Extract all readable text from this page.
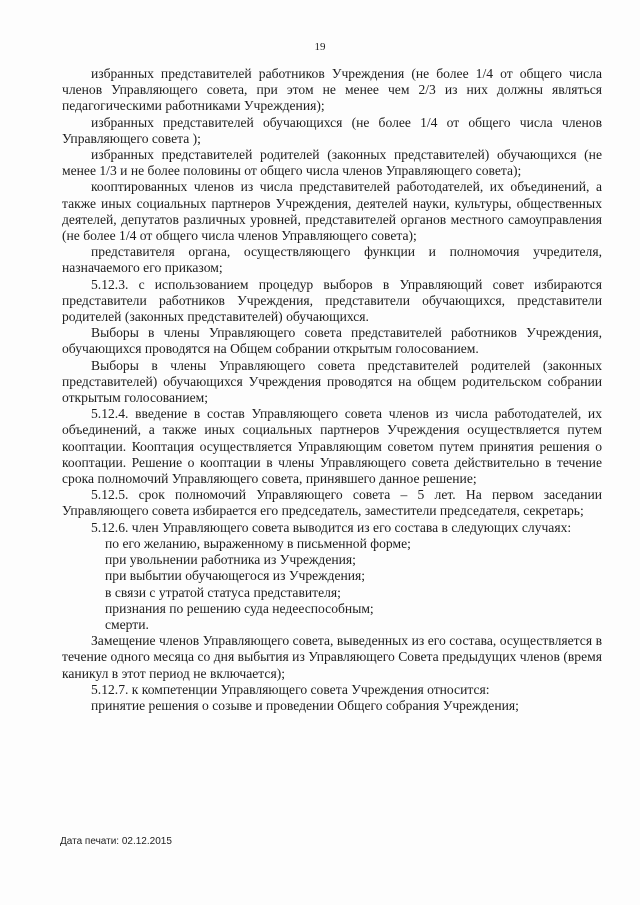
19

избранных представителей работников Учреждения (не более 1/4 от общего числа членов Управляющего совета, при этом не менее чем 2/3 из них должны являться педагогическими работниками Учреждения);

избранных представителей обучающихся (не более 1/4 от общего числа членов Управляющего совета );

избранных представителей родителей (законных представителей) обучающихся (не менее 1/3 и не более половины от общего числа членов Управляющего совета);

кооптированных членов из числа представителей работодателей, их объединений, а также иных социальных партнеров Учреждения, деятелей науки, культуры, общественных деятелей, депутатов различных уровней, представителей органов местного самоуправления (не более 1/4 от общего числа членов Управляющего совета);

представителя органа, осуществляющего функции и полномочия учредителя, назначаемого его приказом;

5.12.3. с использованием процедур выборов в Управляющий совет избираются представители работников Учреждения, представители обучающихся, представители родителей (законных представителей) обучающихся.

Выборы в члены Управляющего совета представителей работников Учреждения, обучающихся проводятся на Общем собрании открытым голосованием.

Выборы в члены Управляющего совета представителей родителей (законных представителей) обучающихся Учреждения проводятся на общем родительском собрании открытым голосованием;

5.12.4. введение в состав Управляющего совета членов из числа работодателей, их объединений, а также иных социальных партнеров Учреждения осуществляется путем кооптации. Кооптация осуществляется Управляющим советом путем принятия решения о кооптации. Решение о кооптации в члены Управляющего совета действительно в течение срока полномочий Управляющего совета, принявшего данное решение;

5.12.5. срок полномочий Управляющего совета – 5 лет. На первом заседании Управляющего совета избирается его председатель, заместители председателя, секретарь;

5.12.6. член Управляющего совета выводится из его состава в следующих случаях:

по его желанию, выраженному в письменной форме;

при увольнении работника из Учреждения;

при выбытии обучающегося из Учреждения;

в связи с утратой статуса представителя;

признания по решению суда недееспособным;

смерти.

Замещение членов Управляющего совета, выведенных из его состава, осуществляется в течение одного месяца со дня выбытия из Управляющего Совета предыдущих членов (время каникул в этот период не включается);

5.12.7. к компетенции Управляющего совета Учреждения относится:

принятие решения о созыве и проведении Общего собрания Учреждения;

Дата печати: 02.12.2015
